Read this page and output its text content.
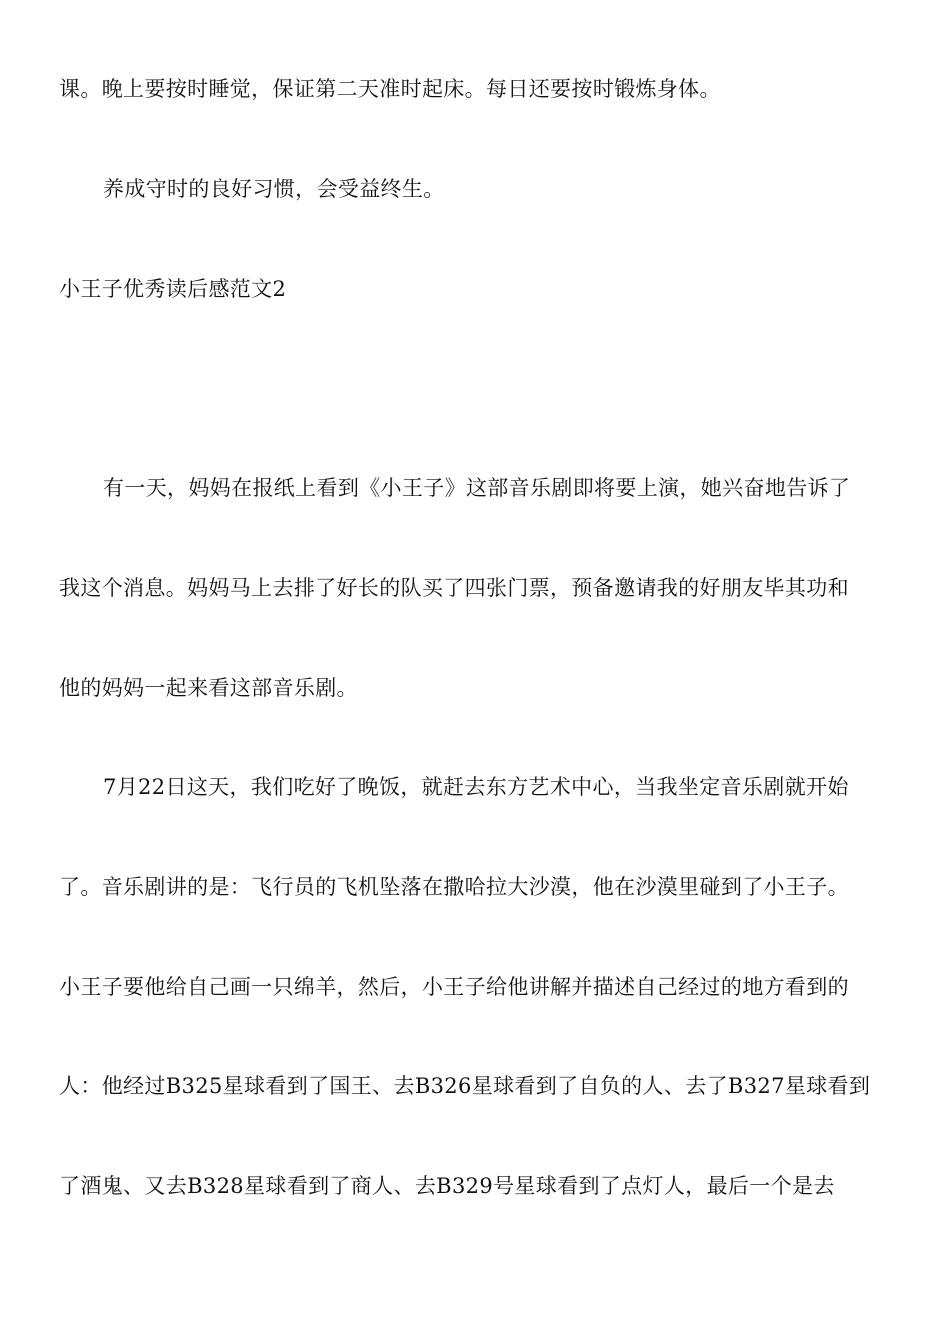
课。晚上要按时睡觉，保证第二天准时起床。每日还要按时锻炼身体。
养成守时的良好习惯，会受益终生。
小王子优秀读后感范文2
有一天，妈妈在报纸上看到《小王子》这部音乐剧即将要上演，她兴奋地告诉了
我这个消息。妈妈马上去排了好长的队买了四张门票，预备邀请我的好朋友毕其功和
他的妈妈一起来看这部音乐剧。
7月22日这天，我们吃好了晚饭，就赶去东方艺术中心，当我坐定音乐剧就开始
了。音乐剧讲的是：飞行员的飞机坠落在撒哈拉大沙漠，他在沙漠里碰到了小王子。
小王子要他给自己画一只绵羊，然后，小王子给他讲解并描述自己经过的地方看到的
人：他经过B325星球看到了国王、去B326星球看到了自负的人、去了B327星球看到
了酒鬼、又去B328星球看到了商人、去B329号星球看到了点灯人，最后一个是去
